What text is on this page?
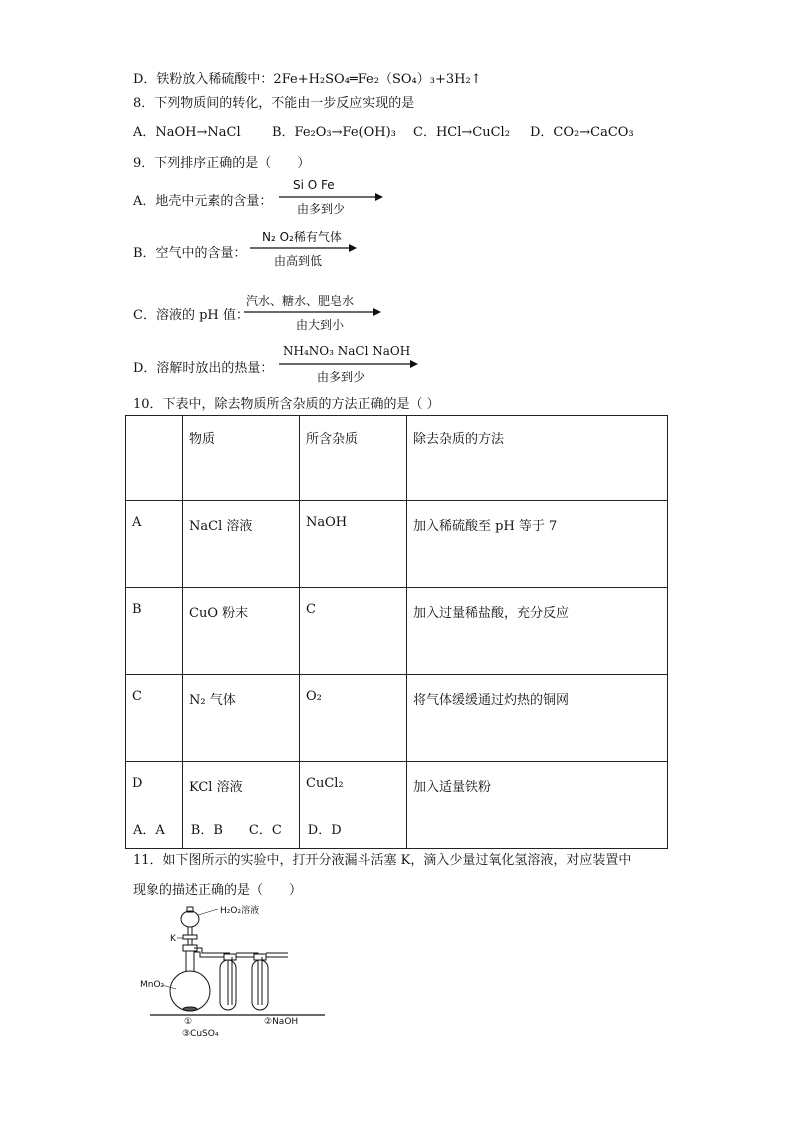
D．铁粉放入稀硫酸中：2Fe+H₂SO₄═Fe₂（SO₄）₃+3H₂↑
8．下列物质间的转化，不能由一步反应实现的是
A．NaOH→NaCl B．Fe₂O₃→Fe(OH)₃ C．HCl→CuCl₂ D．CO₂→CaCO₃
9．下列排序正确的是（　　）
A．地壳中元素的含量：
Si O Fe
由多到少
B．空气中的含量：
N₂ O₂稀有气体
由高到低
C．溶液的 pH 值：
汽水、糖水、肥皂水
由大到小
D．溶解时放出的热量：
NH₄NO₃ NaCl NaOH
由多到少
10．下表中，除去物质所含杂质的方法正确的是（ ）
	物质	所含杂质	除去杂质的方法
A	NaCl 溶液	NaOH	加入稀硫酸至 pH 等于 7
B	CuO 粉末	C	加入过量稀盐酸，充分反应
C	N₂ 气体	O₂	将气体缓缓通过灼热的铜网
D	KCl 溶液	CuCl₂	加入适量铁粉
A．A　　B．B　　C．C　　D．D
11．如下图所示的实验中，打开分液漏斗活塞 K，滴入少量过氧化氢溶液，对应装置中
现象的描述正确的是（　　）
H₂O₂溶液
K
MnO₂
①
③CuSO₄
②NaOH
